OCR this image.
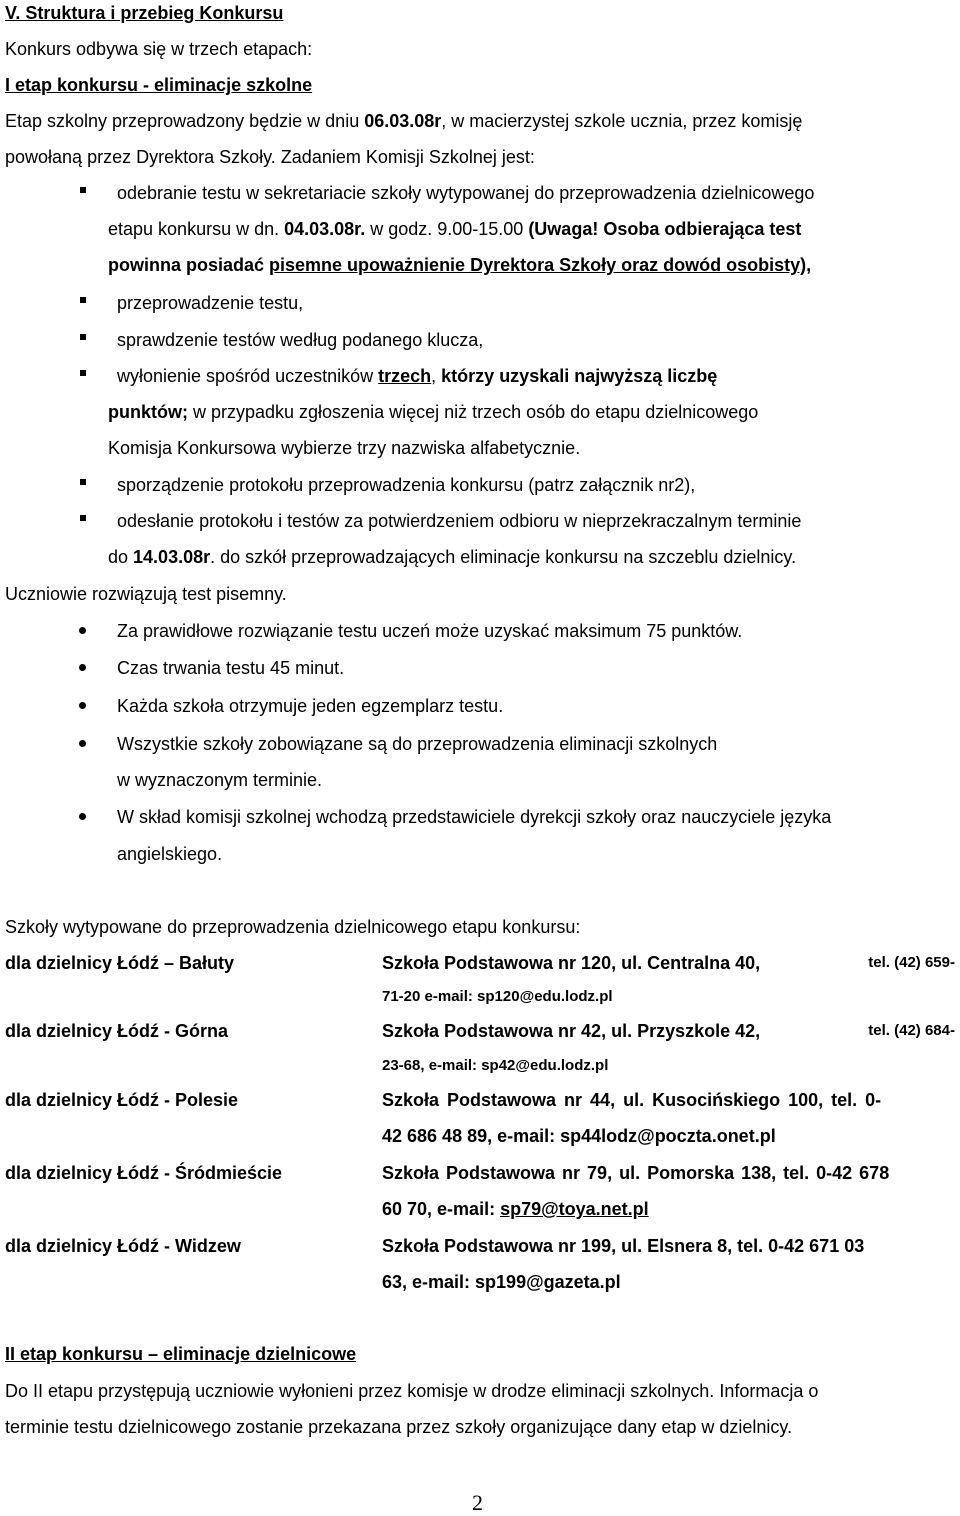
V. Struktura i przebieg Konkursu
Konkurs odbywa się w trzech etapach:
I etap konkursu - eliminacje szkolne
Etap szkolny przeprowadzony będzie w dniu 06.03.08r, w macierzystej szkole ucznia, przez komisję
powołaną przez Dyrektora Szkoły. Zadaniem Komisji Szkolnej jest:
odebranie testu w sekretariacie szkoły wytypowanej do przeprowadzenia dzielnicowego
etapu konkursu w dn. 04.03.08r. w godz. 9.00-15.00 (Uwaga! Osoba odbierająca test
powinna posiadać pisemne upoważnienie Dyrektora Szkoły oraz dowód osobisty),
przeprowadzenie testu,
sprawdzenie testów według podanego klucza,
wyłonienie spośród uczestników trzech, którzy uzyskali najwyższą liczbę
punktów; w przypadku zgłoszenia więcej niż trzech osób do etapu dzielnicowego
Komisja Konkursowa wybierze trzy nazwiska alfabetycznie.
sporządzenie protokołu przeprowadzenia konkursu (patrz załącznik nr2),
odesłanie protokołu i testów za potwierdzeniem odbioru w nieprzekraczalnym terminie
do 14.03.08r. do szkół przeprowadzających eliminacje konkursu na szczeblu dzielnicy.
Uczniowie rozwiązują test pisemny.
Za prawidłowe rozwiązanie testu uczeń może uzyskać maksimum 75 punktów.
Czas trwania testu 45 minut.
Każda szkoła otrzymuje jeden egzemplarz testu.
Wszystkie szkoły zobowiązane są do przeprowadzenia eliminacji szkolnych
w wyznaczonym terminie.
W skład komisji szkolnej wchodzą przedstawiciele dyrekcji szkoły oraz nauczyciele języka
angielskiego.
Szkoły wytypowane do przeprowadzenia dzielnicowego etapu konkursu:
dla dzielnicy Łódź – Bałuty	Szkoła Podstawowa nr 120, ul. Centralna 40,	tel. (42) 659-
71-20 e-mail: sp120@edu.lodz.pl
dla dzielnicy Łódź - Górna	Szkoła Podstawowa nr 42, ul. Przyszkole 42,	tel. (42) 684-
23-68, e-mail: sp42@edu.lodz.pl
dla dzielnicy Łódź - Polesie	Szkoła Podstawowa nr 44, ul. Kusocińskiego 100, tel. 0-
42 686 48 89, e-mail: sp44lodz@poczta.onet.pl
dla dzielnicy Łódź - Śródmieście	Szkoła Podstawowa nr 79, ul. Pomorska 138, tel. 0-42 678
60 70, e-mail: sp79@toya.net.pl
dla dzielnicy Łódź - Widzew	Szkoła Podstawowa nr 199, ul. Elsnera 8, tel. 0-42 671 03
63, e-mail: sp199@gazeta.pl
II etap konkursu – eliminacje dzielnicowe
Do II etapu przystępują uczniowie wyłonieni przez komisje w drodze eliminacji szkolnych. Informacja o
terminie testu dzielnicowego zostanie przekazana przez szkoły organizujące dany etap w dzielnicy.
2
